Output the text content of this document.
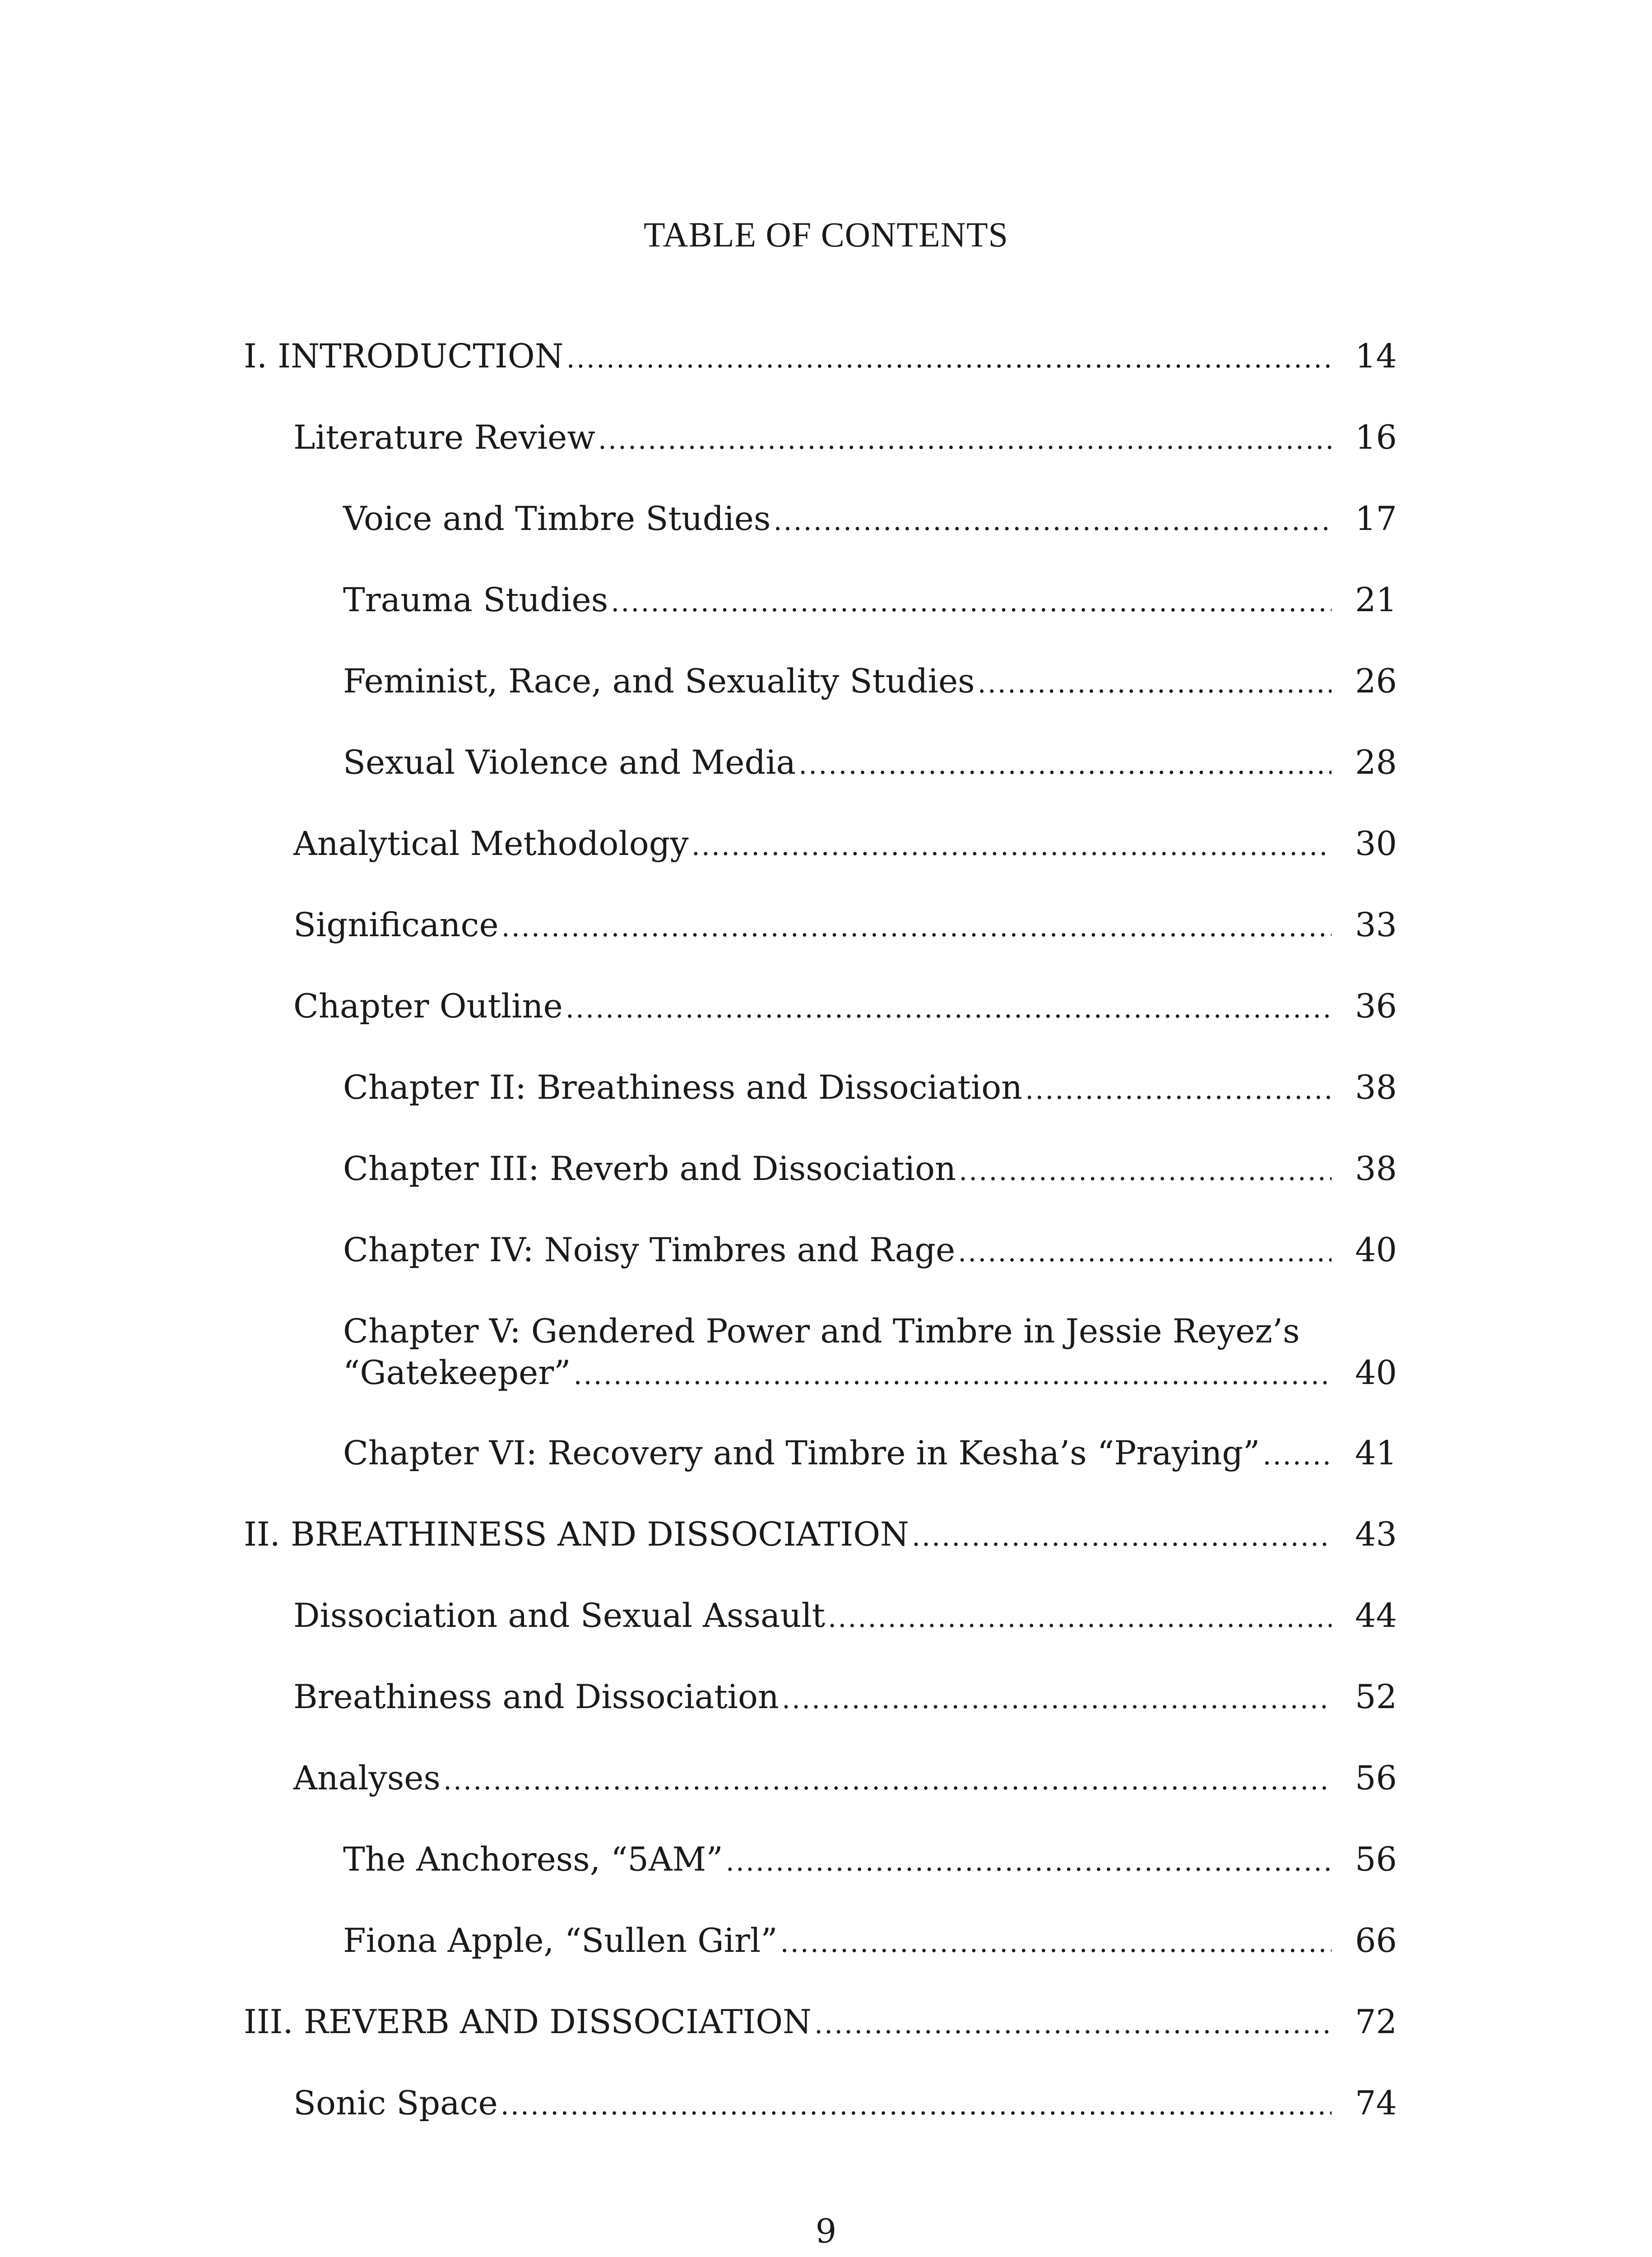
TABLE OF CONTENTS
I. INTRODUCTION .....	14
Literature Review .....	16
Voice and Timbre Studies .....	17
Trauma Studies .....	21
Feminist, Race, and Sexuality Studies .....	26
Sexual Violence and Media .....	28
Analytical Methodology .....	30
Significance .....	33
Chapter Outline .....	36
Chapter II: Breathiness and Dissociation .....	38
Chapter III: Reverb and Dissociation .....	38
Chapter IV: Noisy Timbres and Rage .....	40
Chapter V: Gendered Power and Timbre in Jessie Reyez’s
“Gatekeeper” .....	40
Chapter VI: Recovery and Timbre in Kesha’s “Praying” .....	41
II. BREATHINESS AND DISSOCIATION .....	43
Dissociation and Sexual Assault .....	44
Breathiness and Dissociation .....	52
Analyses .....	56
The Anchoress, “5AM” .....	56
Fiona Apple, “Sullen Girl” .....	66
III. REVERB AND DISSOCIATION .....	72
Sonic Space .....	74
9
